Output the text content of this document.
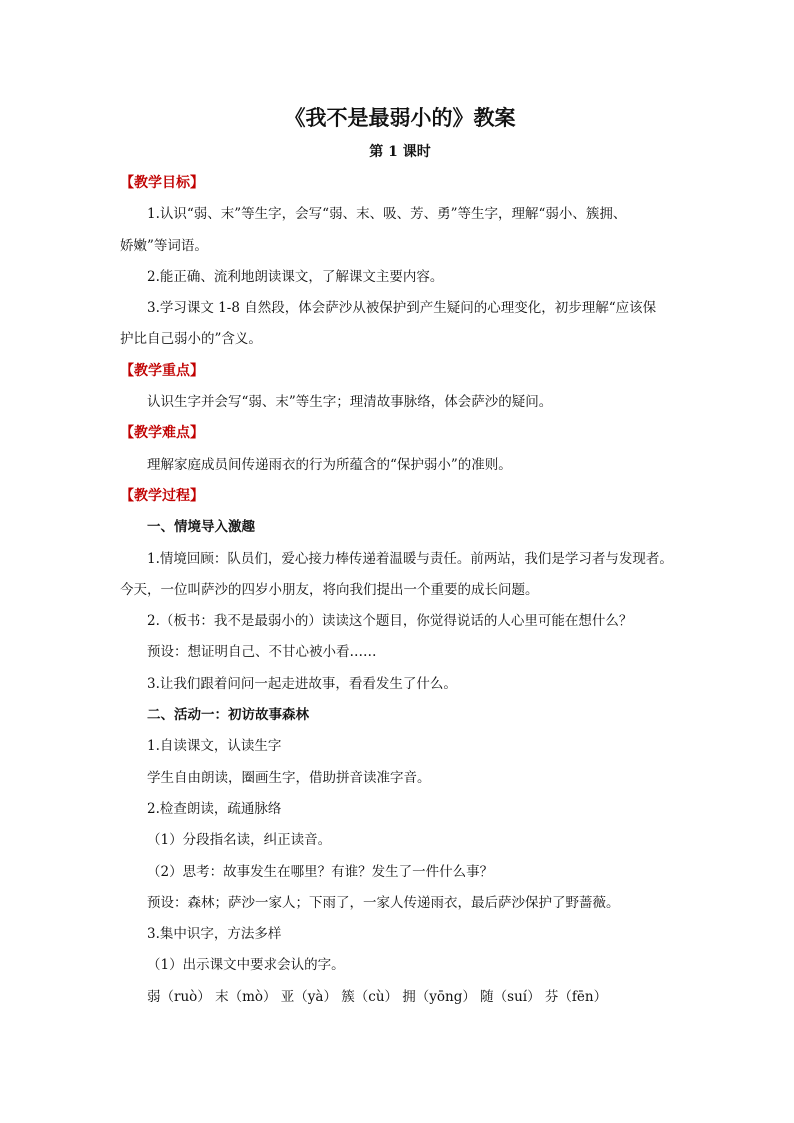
《我不是最弱小的》教案
第 1 课时
【教学目标】
1.认识“弱、末”等生字，会写“弱、末、吸、芳、勇”等生字，理解“弱小、簇拥、
娇嫩”等词语。
2.能正确、流利地朗读课文，了解课文主要内容。
3.学习课文 1-8 自然段，体会萨沙从被保护到产生疑问的心理变化，初步理解“应该保
护比自己弱小的”含义。
【教学重点】
认识生字并会写“弱、末”等生字；理清故事脉络，体会萨沙的疑问。
【教学难点】
理解家庭成员间传递雨衣的行为所蕴含的“保护弱小”的准则。
【教学过程】
一、情境导入激趣
1.情境回顾：队员们，爱心接力棒传递着温暖与责任。前两站，我们是学习者与发现者。
今天，一位叫萨沙的四岁小朋友，将向我们提出一个重要的成长问题。
2.（板书：我不是最弱小的）读读这个题目，你觉得说话的人心里可能在想什么？
预设：想证明自己、不甘心被小看……
3.让我们跟着问问一起走进故事，看看发生了什么。
二、活动一：初访故事森林
1.自读课文，认读生字
学生自由朗读，圈画生字，借助拼音读准字音。
2.检查朗读，疏通脉络
（1）分段指名读，纠正读音。
（2）思考：故事发生在哪里？有谁？发生了一件什么事？
预设：森林；萨沙一家人；下雨了，一家人传递雨衣，最后萨沙保护了野蔷薇。
3.集中识字，方法多样
（1）出示课文中要求会认的字。
弱（ruò） 末（mò） 亚（yà） 簇（cù） 拥（yōng） 随（suí） 芬（fēn）
